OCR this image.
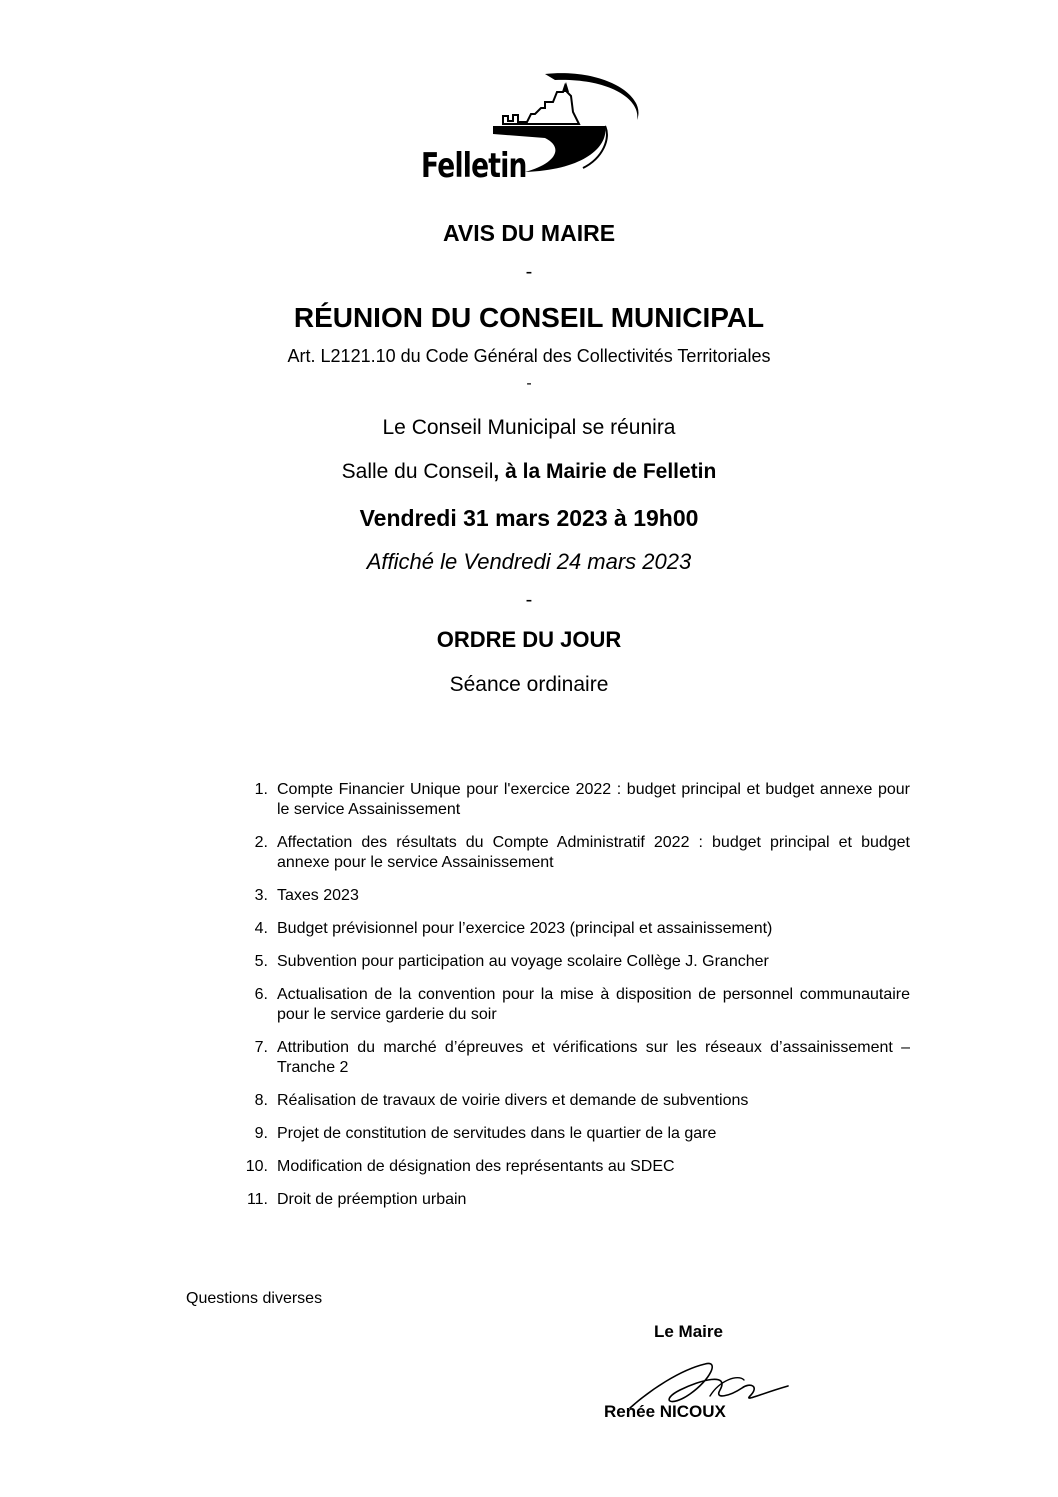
Felletin
AVIS DU MAIRE
-
RÉUNION DU CONSEIL MUNICIPAL
Art. L2121.10 du Code Général des Collectivités Territoriales
-
Le Conseil Municipal se réunira
Salle du Conseil, à la Mairie de Felletin
Vendredi 31 mars 2023 à 19h00
Affiché le Vendredi 24 mars 2023
-
ORDRE DU JOUR
Séance ordinaire
1. Compte Financier Unique pour l'exercice 2022 : budget principal et budget annexe pour le service Assainissement
2. Affectation des résultats du Compte Administratif 2022 : budget principal et budget annexe pour le service Assainissement
3. Taxes 2023
4. Budget prévisionnel pour l’exercice 2023 (principal et assainissement)
5. Subvention pour participation au voyage scolaire Collège J. Grancher
6. Actualisation de la convention pour la mise à disposition de personnel communautaire pour le service garderie du soir
7. Attribution du marché d’épreuves et vérifications sur les réseaux d’assainissement – Tranche 2
8. Réalisation de travaux de voirie divers et demande de subventions
9. Projet de constitution de servitudes dans le quartier de la gare
10. Modification de désignation des représentants au SDEC
11. Droit de préemption urbain
Questions diverses
Le Maire
Renée NICOUX
